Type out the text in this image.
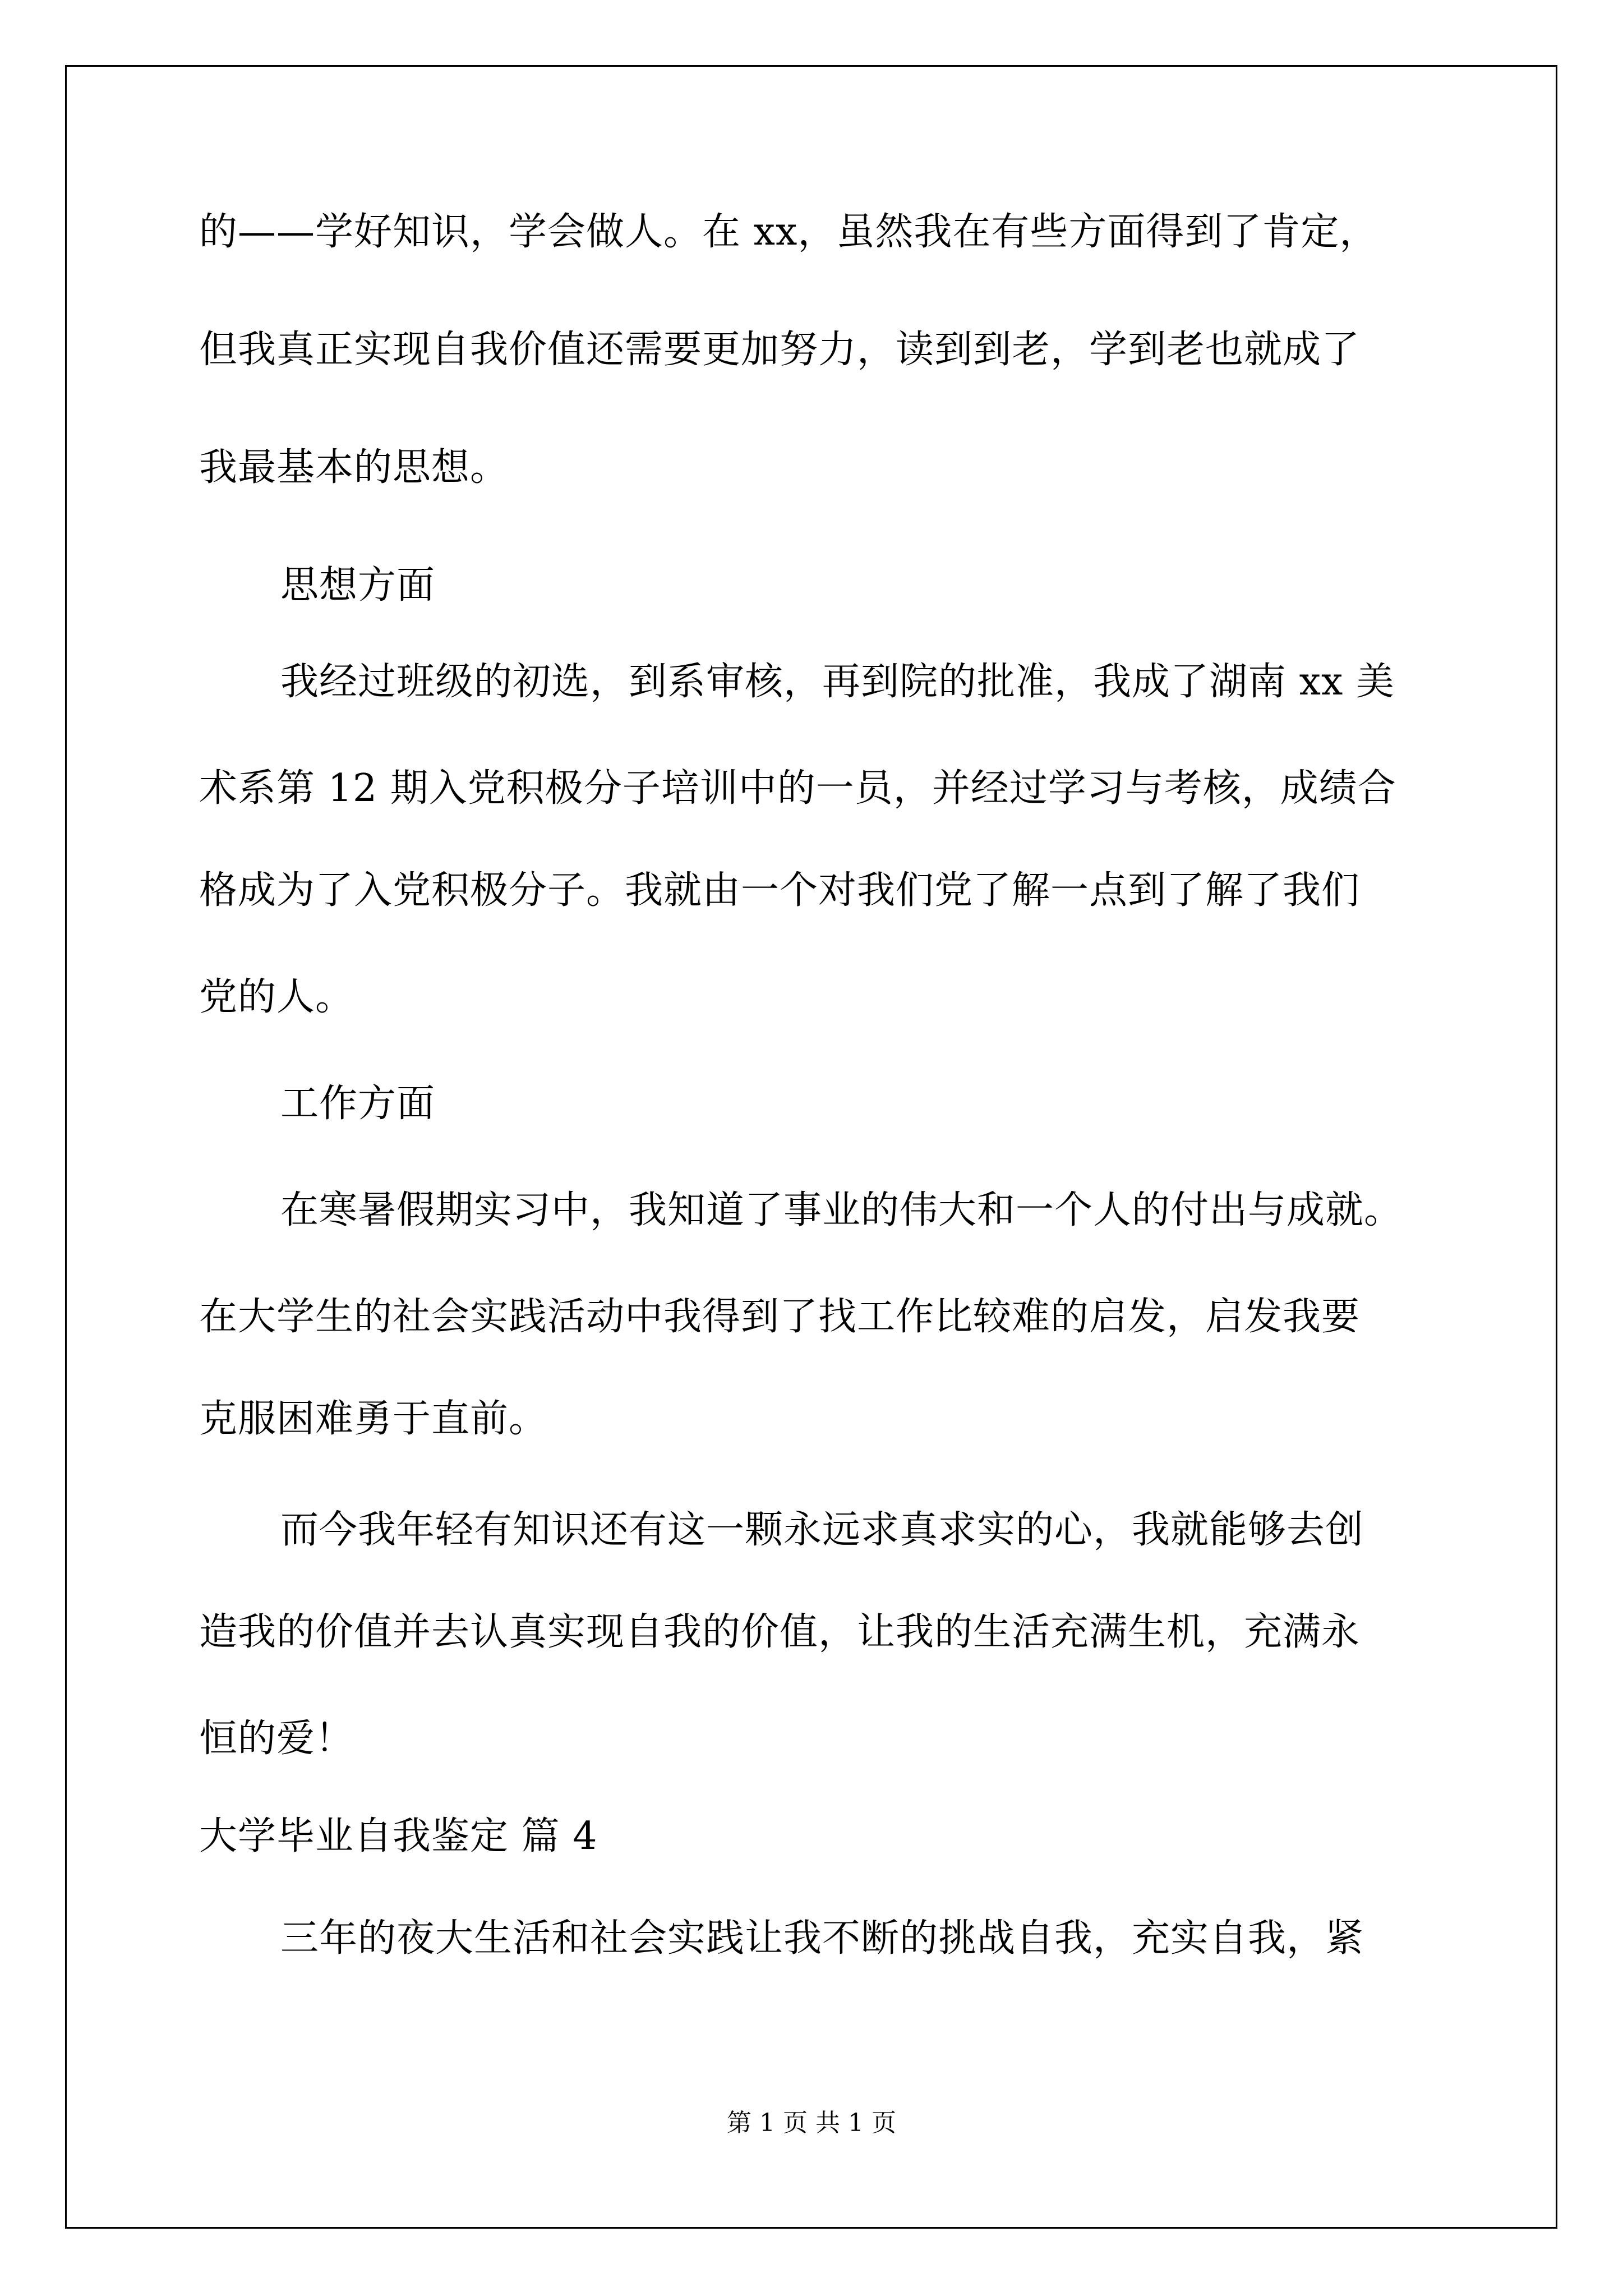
的——学好知识，学会做人。在 xx，虽然我在有些方面得到了肯定，
但我真正实现自我价值还需要更加努力，读到到老，学到老也就成了
我最基本的思想。
思想方面
我经过班级的初选，到系审核，再到院的批准，我成了湖南 xx 美
术系第 12 期入党积极分子培训中的一员，并经过学习与考核，成绩合
格成为了入党积极分子。我就由一个对我们党了解一点到了解了我们
党的人。
工作方面
在寒暑假期实习中，我知道了事业的伟大和一个人的付出与成就。
在大学生的社会实践活动中我得到了找工作比较难的启发，启发我要
克服困难勇于直前。
而今我年轻有知识还有这一颗永远求真求实的心，我就能够去创
造我的价值并去认真实现自我的价值，让我的生活充满生机，充满永
恒的爱！
大学毕业自我鉴定 篇 4
三年的夜大生活和社会实践让我不断的挑战自我，充实自我，紧
第 1 页 共 1 页
